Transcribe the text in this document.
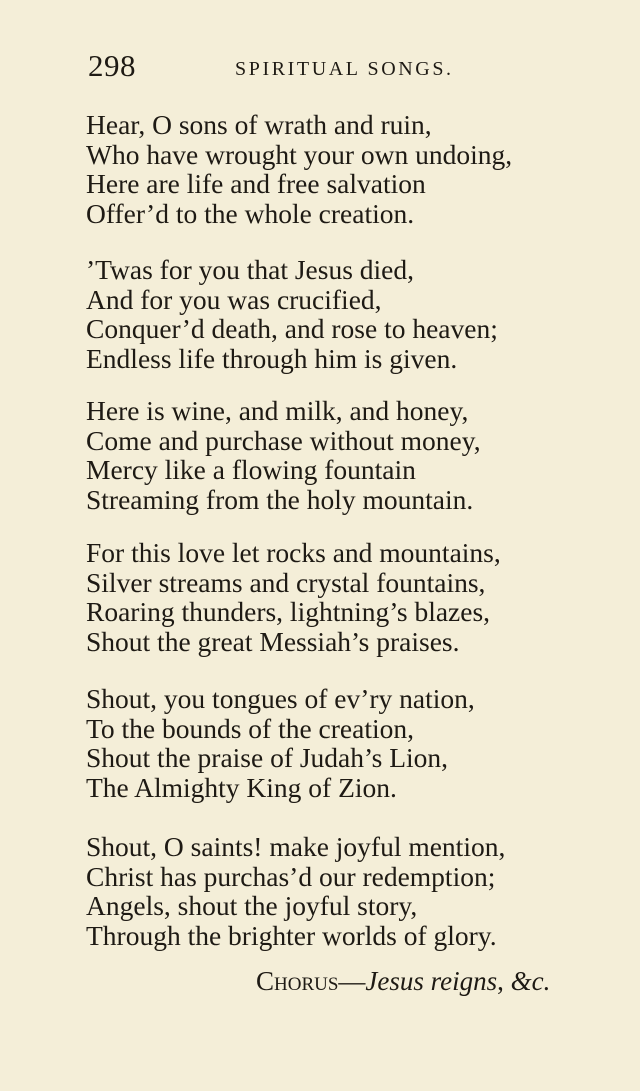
298	SPIRITUAL SONGS.
Hear, O sons of wrath and ruin,
Who have wrought your own undoing,
Here are life and free salvation
Offer’d to the whole creation.
’Twas for you that Jesus died,
And for you was crucified,
Conquer’d death, and rose to heaven;
Endless life through him is given.
Here is wine, and milk, and honey,
Come and purchase without money,
Mercy like a flowing fountain
Streaming from the holy mountain.
For this love let rocks and mountains,
Silver streams and crystal fountains,
Roaring thunders, lightning’s blazes,
Shout the great Messiah’s praises.
Shout, you tongues of ev’ry nation,
To the bounds of the creation,
Shout the praise of Judah’s Lion,
The Almighty King of Zion.
Shout, O saints! make joyful mention,
Christ has purchas’d our redemption;
Angels, shout the joyful story,
Through the brighter worlds of glory.
Chorus—Jesus reigns, &c.
